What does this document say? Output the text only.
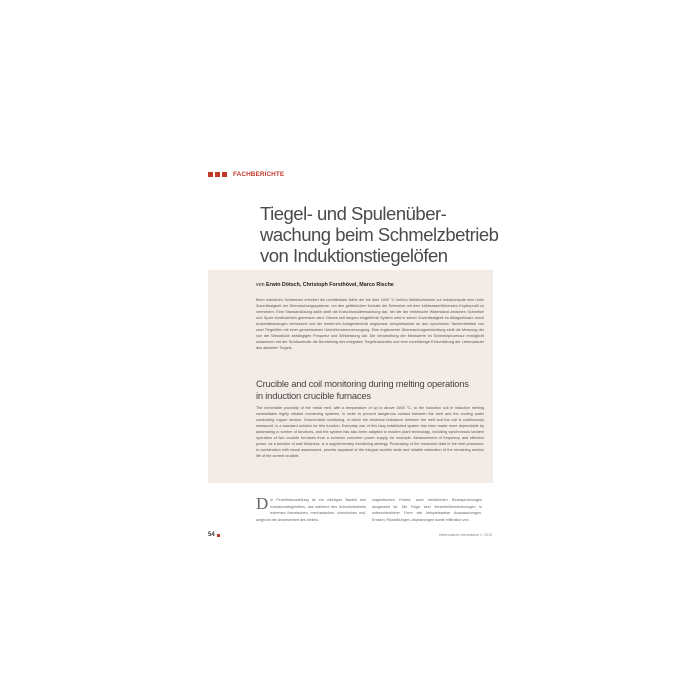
FACHBERICHTE
Tiegel- und Spulenüber-
wachung beim Schmelzbetrieb
von Induktionstiegelöfen
von Erwin Dötsch, Christoph Forsthövel, Marco Rische
Beim induktiven Schmelzen erfordert die unmittelbare Nähe der bis über 1600 °C heißen Metallschmelze zur Induktorspule eine hohe Zuverlässigkeit der Überwachungssysteme, um den gefährlichen Kontakt der Schmelze mit dem kühlwasserführenden Kupferprofil zu vermeiden. Eine Standardlösung dafür stellt die Erdschlussüberwachung dar, bei der der elektrische Widerstand zwischen Schmelze und Spule kontinuierlich gemessen wird. Dieses seit langem eingeführte System wird in seiner Zuverlässigkeit im Alltagseinsatz durch Automatisierungen verbessert und der modernen Anlagentechnik angepasst, beispielsweise an den synchronen Tandembetrieb von zwei Tiegelöfen mit einer gemeinsamen Umrichterstromversorgung. Eine ergänzende Überwachungseinrichtung stellt die Messung der von der Wanddicke abhängigen Frequenz und Wirkleistung dar. Die Verarbeitung der Messwerte im Schmelzprozessor ermöglicht zusammen mit der Sichtkontrolle die Beurteilung des integralen Tiegelzustandes und eine zuverlässige Einschätzung der Lebensdauer des aktuellen Tiegels.
Crucible and coil monitoring during melting operations
in induction crucible furnaces
The immediate proximity of the metal melt, with a temperature of up to above 1600 °C, to the induction coil in inductive melting necessitates highly reliable monitoring systems, in order to prevent dangerous contact between the melt and the cooling water conducting copper section. Ground-fault monitoring, in which the electrical resistance between the melt and the coil is continuously measured, is a standard solution for this function. Everyday use of this long established system has been made more dependable by automating a number of functions, and the system has also been adapted to modern plant technology, including synchronous tandem operation of two crucible furnaces from a common converter power supply, for example. Measurement of frequency and effective power, as a function of wall thickness, is a supplementary monitoring strategy. Processing of the measured data in the melt processor, in combination with visual assessment, permits appraisal of the integral crucible state and reliable estimation of the remaining service life of the current crucible.
Die Feuerfestzustellung ist ein wichtiges Bauteil des Induktionstiegelofens, das während des Schmelzbetriebs extremen thermischen, mechanischen, chemischen und, aufgrund der Anwesenheit des elektro-
magnetischen Feldes, auch elektrischen Beanspruchungen ausgesetzt ist. Die Folge sind Verschleißerscheinungen in unterschiedlicher Form wie beispielsweise Auswaschungen, Erosion, Rissbildungen, Abplatzungen sowie Infiltration von
54	elektrowärme international 1 / 2015
